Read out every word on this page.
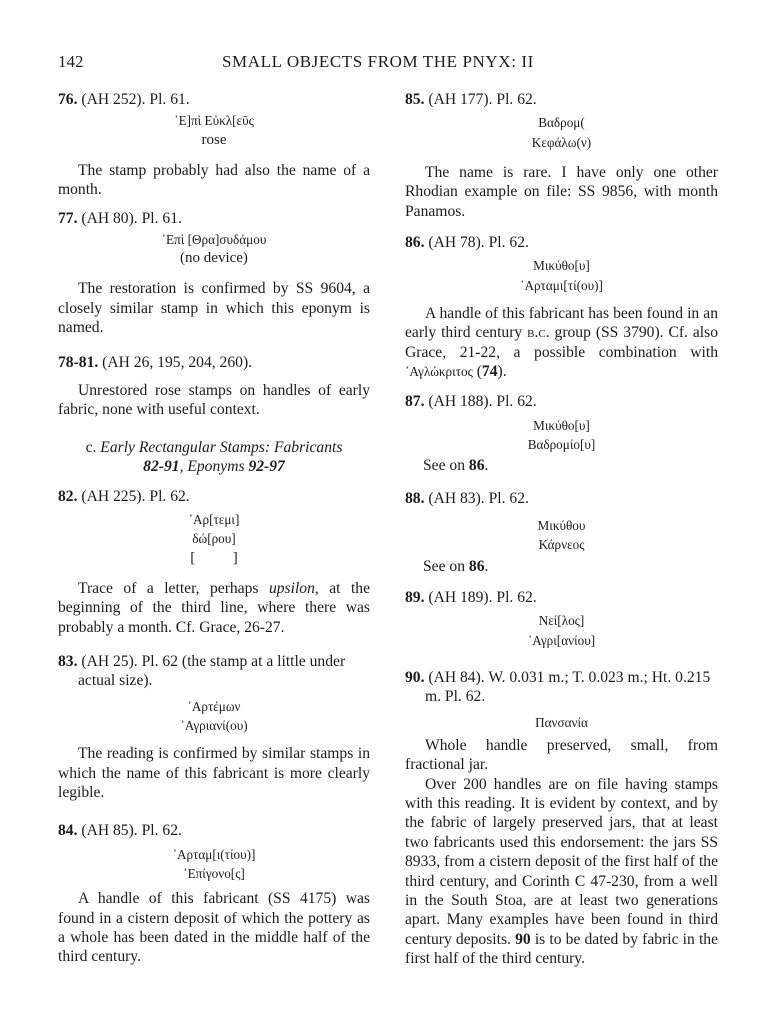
142	SMALL OBJECTS FROM THE PNYX: II

76. (AH 252). Pl. 61.

᾿Ε]πὶ Εὐκλ[εῦς
rose

The stamp probably had also the name of a month.

77. (AH 80). Pl. 61.

᾿Επὶ [Θρα]συδάμου
(no device)

The restoration is confirmed by SS 9604, a closely similar stamp in which this eponym is named.

78-81. (AH 26, 195, 204, 260).

Unrestored rose stamps on handles of early fabric, none with useful context.

c. Early Rectangular Stamps: Fabricants
82-91, Eponyms 92-97

82. (AH 225). Pl. 62.

᾿Αρ[τεμι]
δώ[ρου]
[          ]

Trace of a letter, perhaps upsilon, at the beginning of the third line, where there was probably a month. Cf. Grace, 26-27.

83. (AH 25). Pl. 62 (the stamp at a little under actual size).

᾿Αρτέμων
᾿Αγριανί(ου)

The reading is confirmed by similar stamps in which the name of this fabricant is more clearly legible.

84. (AH 85). Pl. 62.

᾿Αρταμ[ι(τίου)]
᾿Επίγονο[ς]

A handle of this fabricant (SS 4175) was found in a cistern deposit of which the pottery as a whole has been dated in the middle half of the third century.

85. (AH 177). Pl. 62.

Βαδρομ(
Κεφάλω(ν)

The name is rare. I have only one other Rhodian example on file: SS 9856, with month Panamos.

86. (AH 78). Pl. 62.

Μικύθο[υ]
᾿Αρταμι[τί(ου)]

A handle of this fabricant has been found in an early third century b.c. group (SS 3790). Cf. also Grace, 21-22, a possible combination with ᾿Αγλώκριτος (74).

87. (AH 188). Pl. 62.

Μικύθο[υ]
Βαδρομίο[υ]

See on 86.

88. (AH 83). Pl. 62.

Μικύθου
Κάρνεος

See on 86.

89. (AH 189). Pl. 62.

Νεί[λος]
᾿Αγρι[ανίου]

90. (AH 84). W. 0.031 m.; T. 0.023 m.; Ht. 0.215 m. Pl. 62.

Πανσανία

Whole handle preserved, small, from fractional jar.

Over 200 handles are on file having stamps with this reading. It is evident by context, and by the fabric of largely preserved jars, that at least two fabricants used this endorsement: the jars SS 8933, from a cistern deposit of the first half of the third century, and Corinth C 47-230, from a well in the South Stoa, are at least two generations apart. Many examples have been found in third century deposits. 90 is to be dated by fabric in the first half of the third century.
